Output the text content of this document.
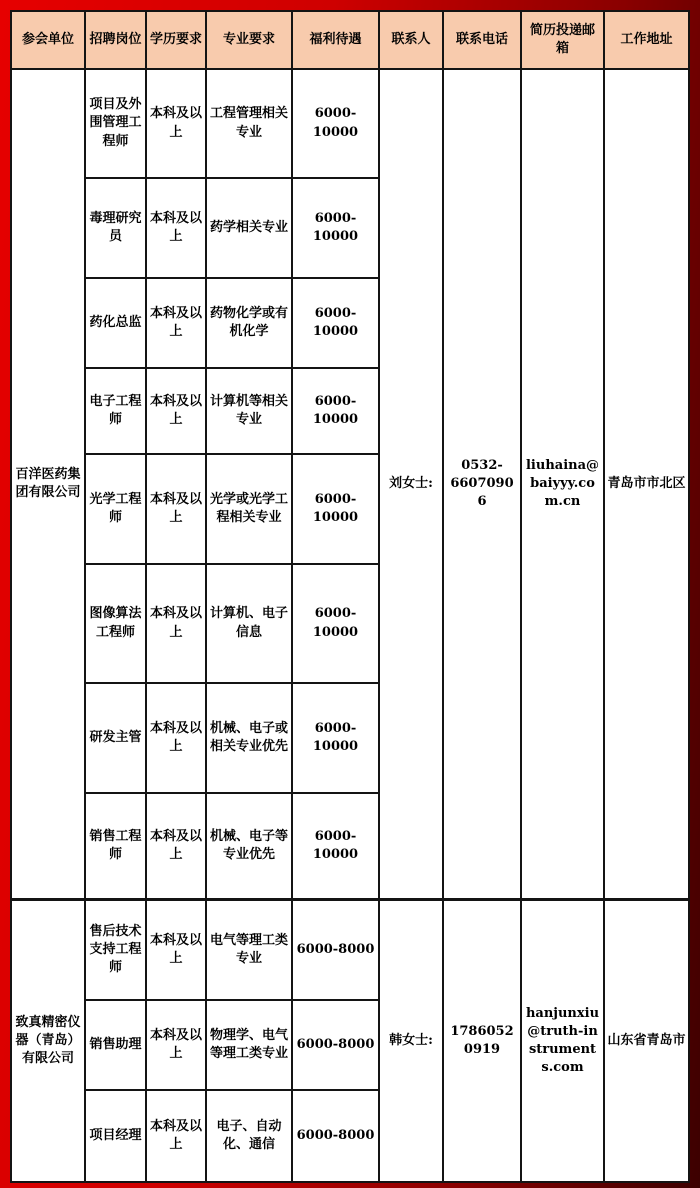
参会单位	招聘岗位	学历要求	专业要求	福利待遇	联系人	联系电话	简历投递邮箱	工作地址
百洋医药集团有限公司	项目及外围管理工程师	本科及以上	工程管理相关专业	6000-10000	刘女士:	0532-66070906	liuhaina@baiyyy.com.cn	青岛市市北区
	毒理研究员	本科及以上	药学相关专业	6000-10000				
	药化总监	本科及以上	药物化学或有机化学	6000-10000				
	电子工程师	本科及以上	计算机等相关专业	6000-10000				
	光学工程师	本科及以上	光学或光学工程相关专业	6000-10000				
	图像算法工程师	本科及以上	计算机、电子信息	6000-10000				
	研发主管	本科及以上	机械、电子或相关专业优先	6000-10000				
	销售工程师	本科及以上	机械、电子等专业优先	6000-10000				
致真精密仪器（青岛）有限公司	售后技术支持工程师	本科及以上	电气等理工类专业	6000-8000	韩女士:	17860520919	hanjunxiu@truth-instruments.com	山东省青岛市
	销售助理	本科及以上	物理学、电气等理工类专业	6000-8000				
	项目经理	本科及以上	电子、自动化、通信	6000-8000				
